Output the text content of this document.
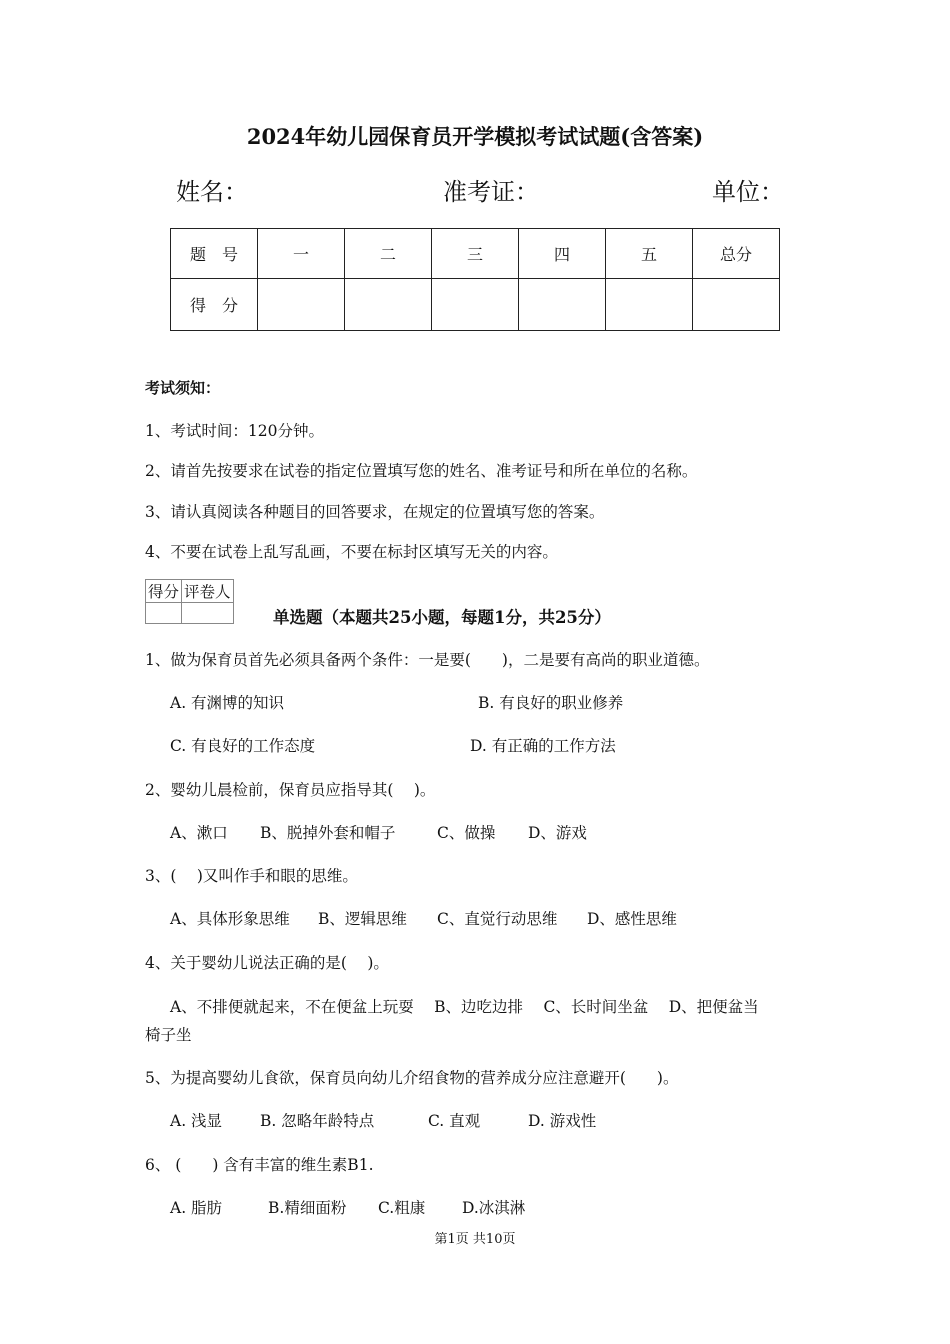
2024年幼儿园保育员开学模拟考试试题(含答案)
姓名：	准考证：	单位：
题　号	一	二	三	四	五	总分
得　分						
考试须知：
1、考试时间：120分钟。
2、请首先按要求在试卷的指定位置填写您的姓名、准考证号和所在单位的名称。
3、请认真阅读各种题目的回答要求，在规定的位置填写您的答案。
4、不要在试卷上乱写乱画，不要在标封区填写无关的内容。
得分	评卷人

单选题（本题共25小题，每题1分，共25分）
1、做为保育员首先必须具备两个条件：一是要(　　)，二是要有高尚的职业道德。
A. 有渊博的知识	B. 有良好的职业修养
C. 有良好的工作态度	D. 有正确的工作方法
2、婴幼儿晨检前，保育员应指导其(　 )。
A、漱口 B、脱掉外套和帽子	C、做操 D、游戏
3、(　 )又叫作手和眼的思维。
A、具体形象思维 B、逻辑思维 C、直觉行动思维 D、感性思维
4、关于婴幼儿说法正确的是(　 )。
A、不排便就起来，不在便盆上玩耍　 B、边吃边排　 C、长时间坐盆　 D、把便盆当
椅子坐
5、为提高婴幼儿食欲，保育员向幼儿介绍食物的营养成分应注意避开(　　)。
A. 浅显 B. 忽略年龄特点	C. 直观	D. 游戏性
6、 (　　) 含有丰富的维生素B1.
A. 脂肪	B.精细面粉 C.粗康 D.冰淇淋
第1页 共10页
